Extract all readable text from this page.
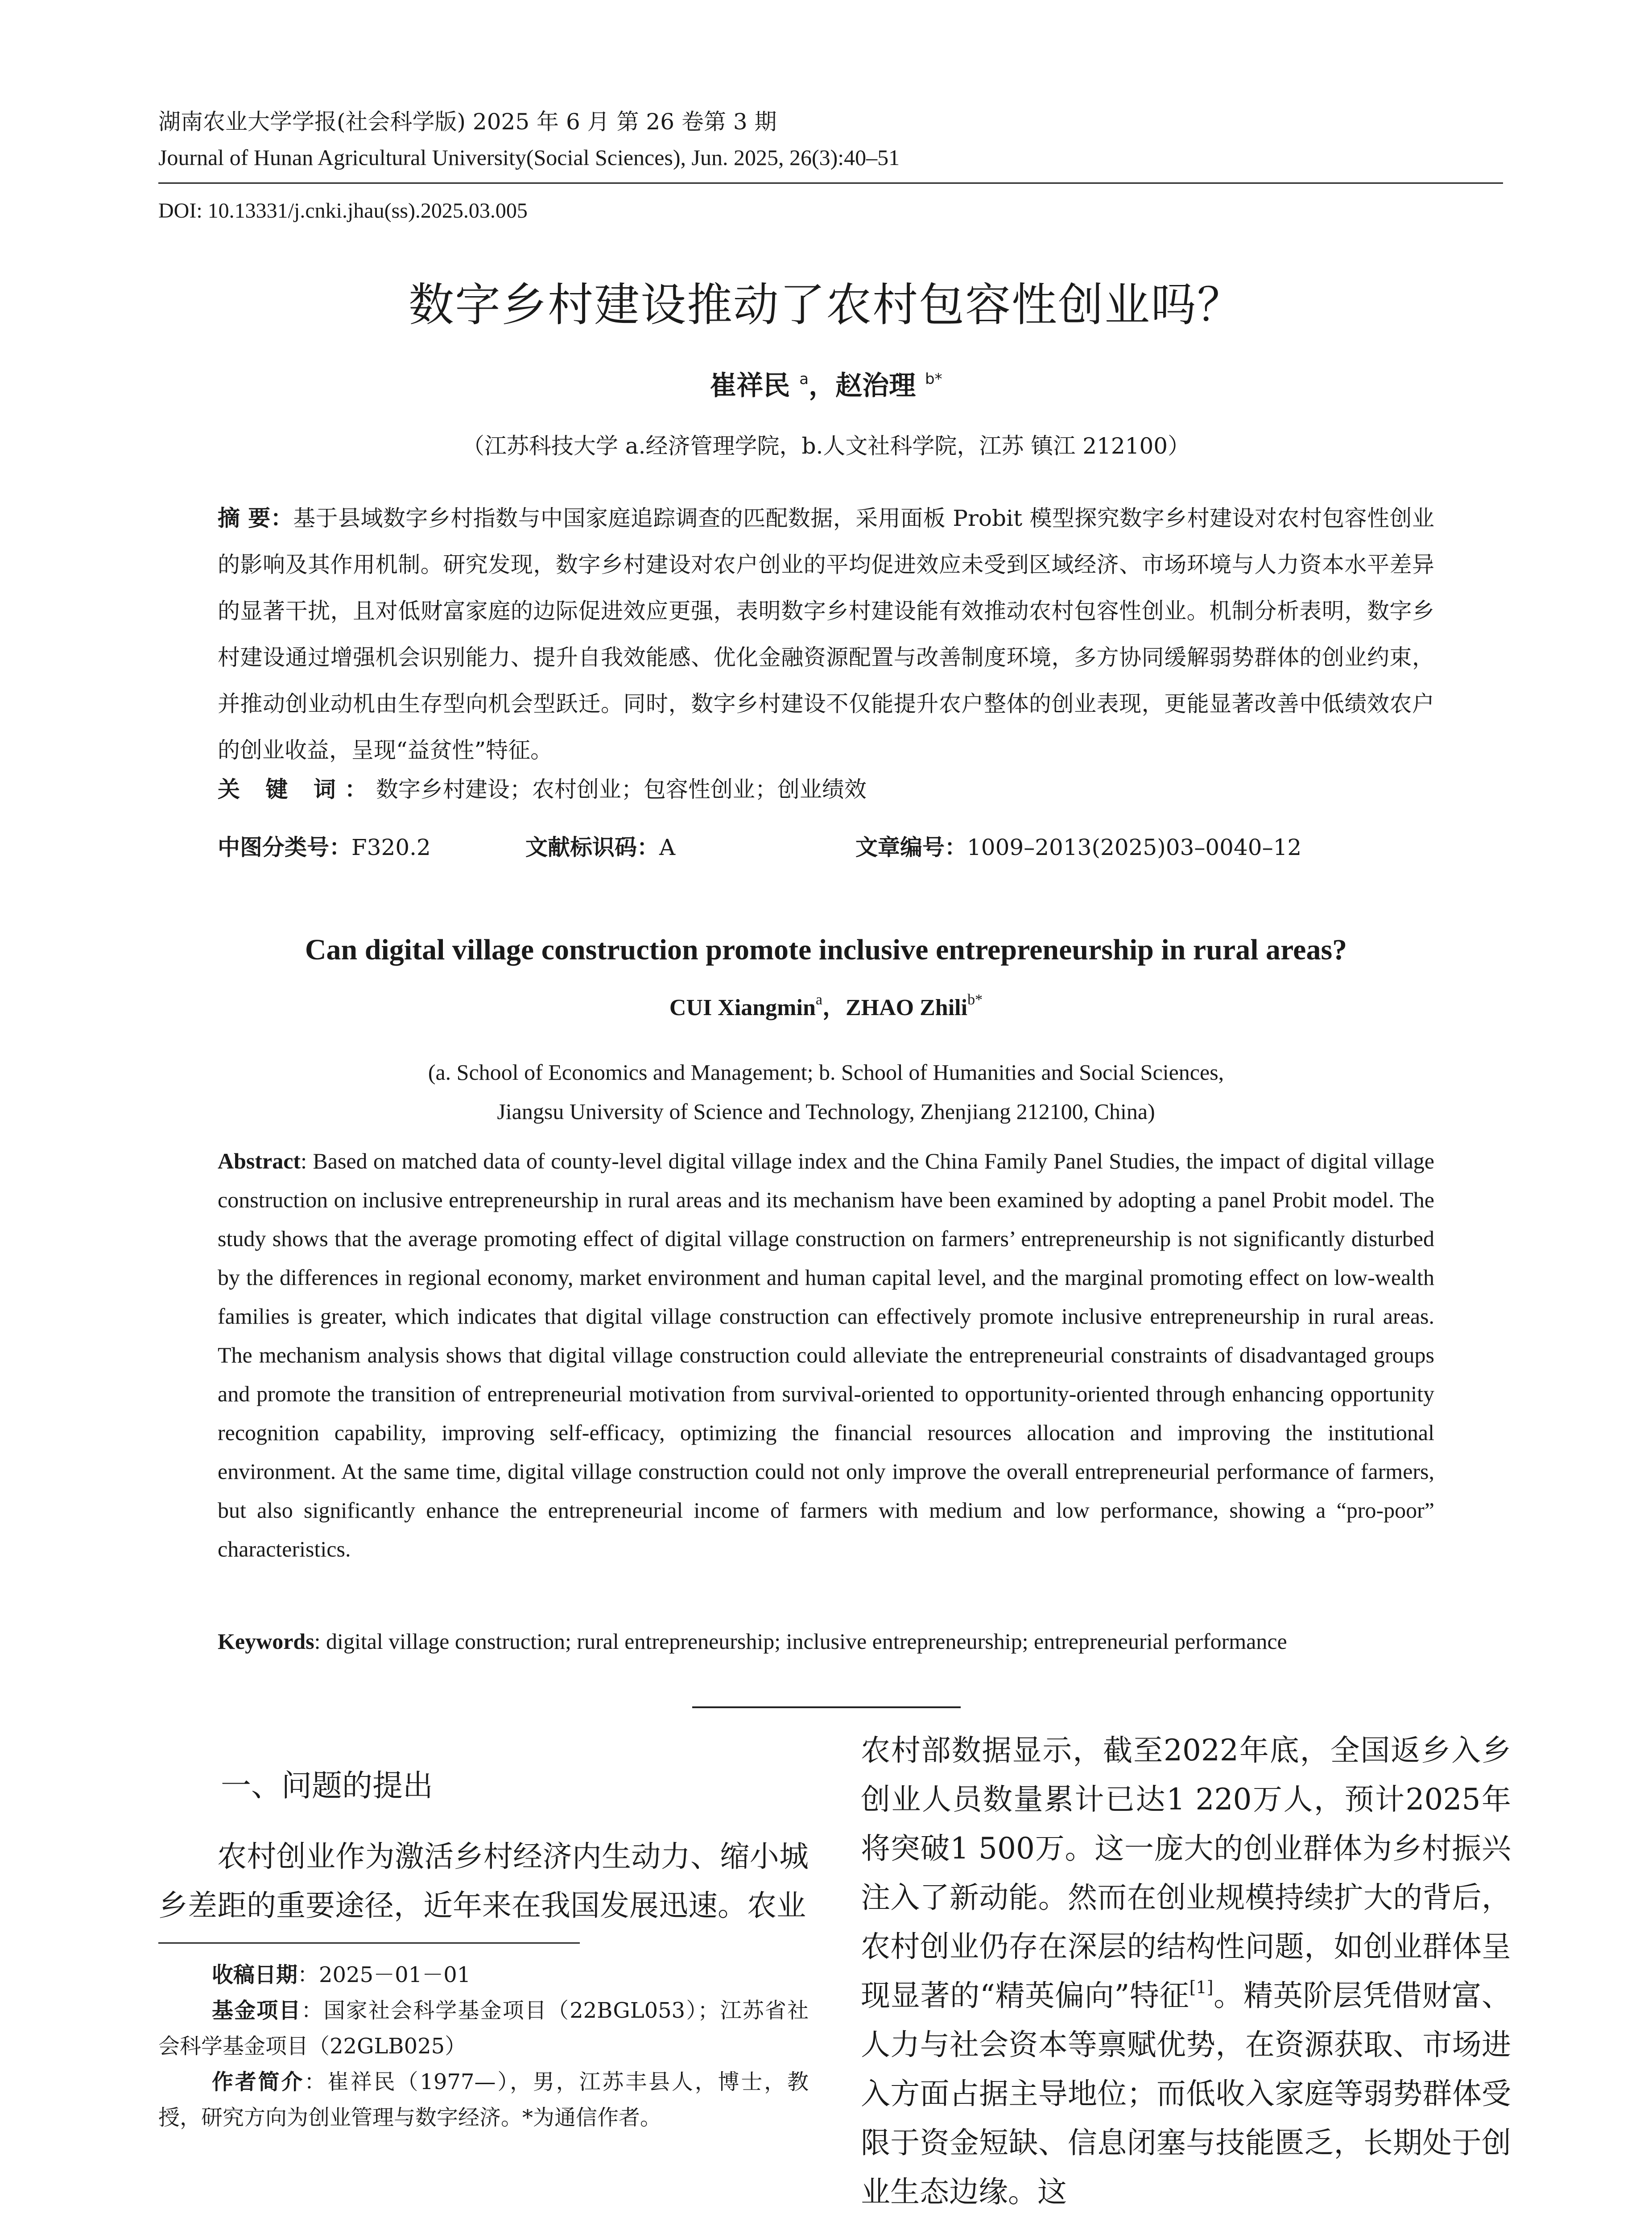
湖南农业大学学报(社会科学版) 2025 年 6 月 第 26 卷第 3 期
Journal of Hunan Agricultural University(Social Sciences), Jun. 2025, 26(3):40–51
DOI: 10.13331/j.cnki.jhau(ss).2025.03.005
数字乡村建设推动了农村包容性创业吗？
崔祥民 $^a$，赵治理 $^{b*}$
（江苏科技大学 a.经济管理学院，b.人文社科学院，江苏 镇江 212100）
摘 要：基于县域数字乡村指数与中国家庭追踪调查的匹配数据，采用面板 Probit 模型探究数字乡村建设对农村包容性创业的影响及其作用机制。研究发现，数字乡村建设对农户创业的平均促进效应未受到区域经济、市场环境与人力资本水平差异的显著干扰，且对低财富家庭的边际促进效应更强，表明数字乡村建设能有效推动农村包容性创业。机制分析表明，数字乡村建设通过增强机会识别能力、提升自我效能感、优化金融资源配置与改善制度环境，多方协同缓解弱势群体的创业约束，并推动创业动机由生存型向机会型跃迁。同时，数字乡村建设不仅能提升农户整体的创业表现，更能显著改善中低绩效农户的创业收益，呈现“益贫性”特征。
关 键 词：数字乡村建设；农村创业；包容性创业；创业绩效
中图分类号：F320.2	文献标识码：A	文章编号：1009–2013(2025)03–0040–12
Can digital village construction promote inclusive entrepreneurship in rural areas?
CUI Xiangmin$^a$，ZHAO Zhili$^{b*}$
(a. School of Economics and Management; b. School of Humanities and Social Sciences,
Jiangsu University of Science and Technology, Zhenjiang 212100, China)
Abstract: Based on matched data of county-level digital village index and the China Family Panel Studies, the impact of digital village construction on inclusive entrepreneurship in rural areas and its mechanism have been examined by adopting a panel Probit model. The study shows that the average promoting effect of digital village construction on farmers’ entrepreneurship is not significantly disturbed by the differences in regional economy, market environment and human capital level, and the marginal promoting effect on low-wealth families is greater, which indicates that digital village construction can effectively promote inclusive entrepreneurship in rural areas. The mechanism analysis shows that digital village construction could alleviate the entrepreneurial constraints of disadvantaged groups and promote the transition of entrepreneurial motivation from survival-oriented to opportunity-oriented through enhancing opportunity recognition capability, improving self-efficacy, optimizing the financial resources allocation and improving the institutional environment. At the same time, digital village construction could not only improve the overall entrepreneurial performance of farmers, but also significantly enhance the entrepreneurial income of farmers with medium and low performance, showing a “pro-poor” characteristics.
Keywords: digital village construction; rural entrepreneurship; inclusive entrepreneurship; entrepreneurial performance
一、问题的提出
农村创业作为激活乡村经济内生动力、缩小城乡差距的重要途径，近年来在我国发展迅速。农业
农村部数据显示，截至2022年底，全国返乡入乡创业人员数量累计已达1 220万人，预计2025年将突破1 500万。这一庞大的创业群体为乡村振兴注入了新动能。然而在创业规模持续扩大的背后，农村创业仍存在深层的结构性问题，如创业群体呈现显著的“精英偏向”特征[1]。精英阶层凭借财富、人力与社会资本等禀赋优势，在资源获取、市场进入方面占据主导地位；而低收入家庭等弱势群体受限于资金短缺、信息闭塞与技能匮乏，长期处于创业生态边缘。这

收稿日期：2025－01－01

基金项目：国家社会科学基金项目（22BGL053）；江苏省社会科学基金项目（22GLB025）

作者简介：崔祥民（1977—），男，江苏丰县人，博士，教授，研究方向为创业管理与数字经济。*为通信作者。
